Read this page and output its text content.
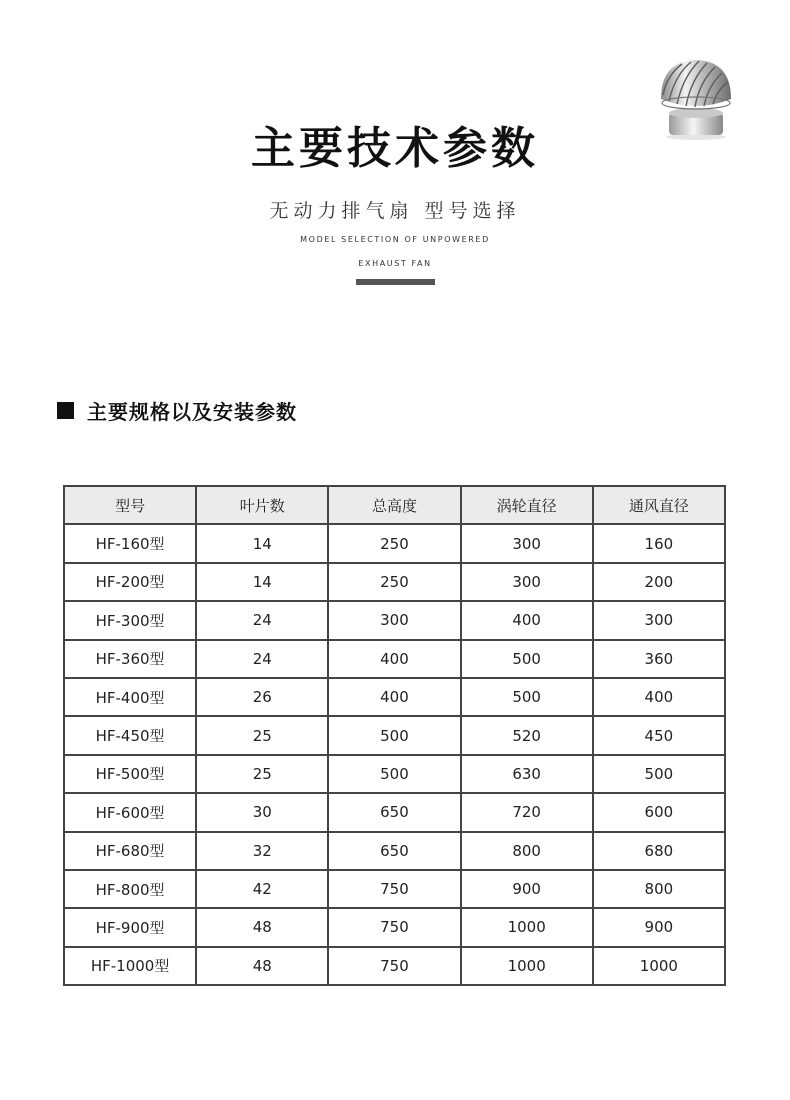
主要技术参数
无动力排气扇 型号选择
MODEL SELECTION OF UNPOWERED
EXHAUST FAN
主要规格以及安装参数
型号	叶片数	总高度	涡轮直径	通风直径
HF-160型	14	250	300	160
HF-200型	14	250	300	200
HF-300型	24	300	400	300
HF-360型	24	400	500	360
HF-400型	26	400	500	400
HF-450型	25	500	520	450
HF-500型	25	500	630	500
HF-600型	30	650	720	600
HF-680型	32	650	800	680
HF-800型	42	750	900	800
HF-900型	48	750	1000	900
HF-1000型	48	750	1000	1000
